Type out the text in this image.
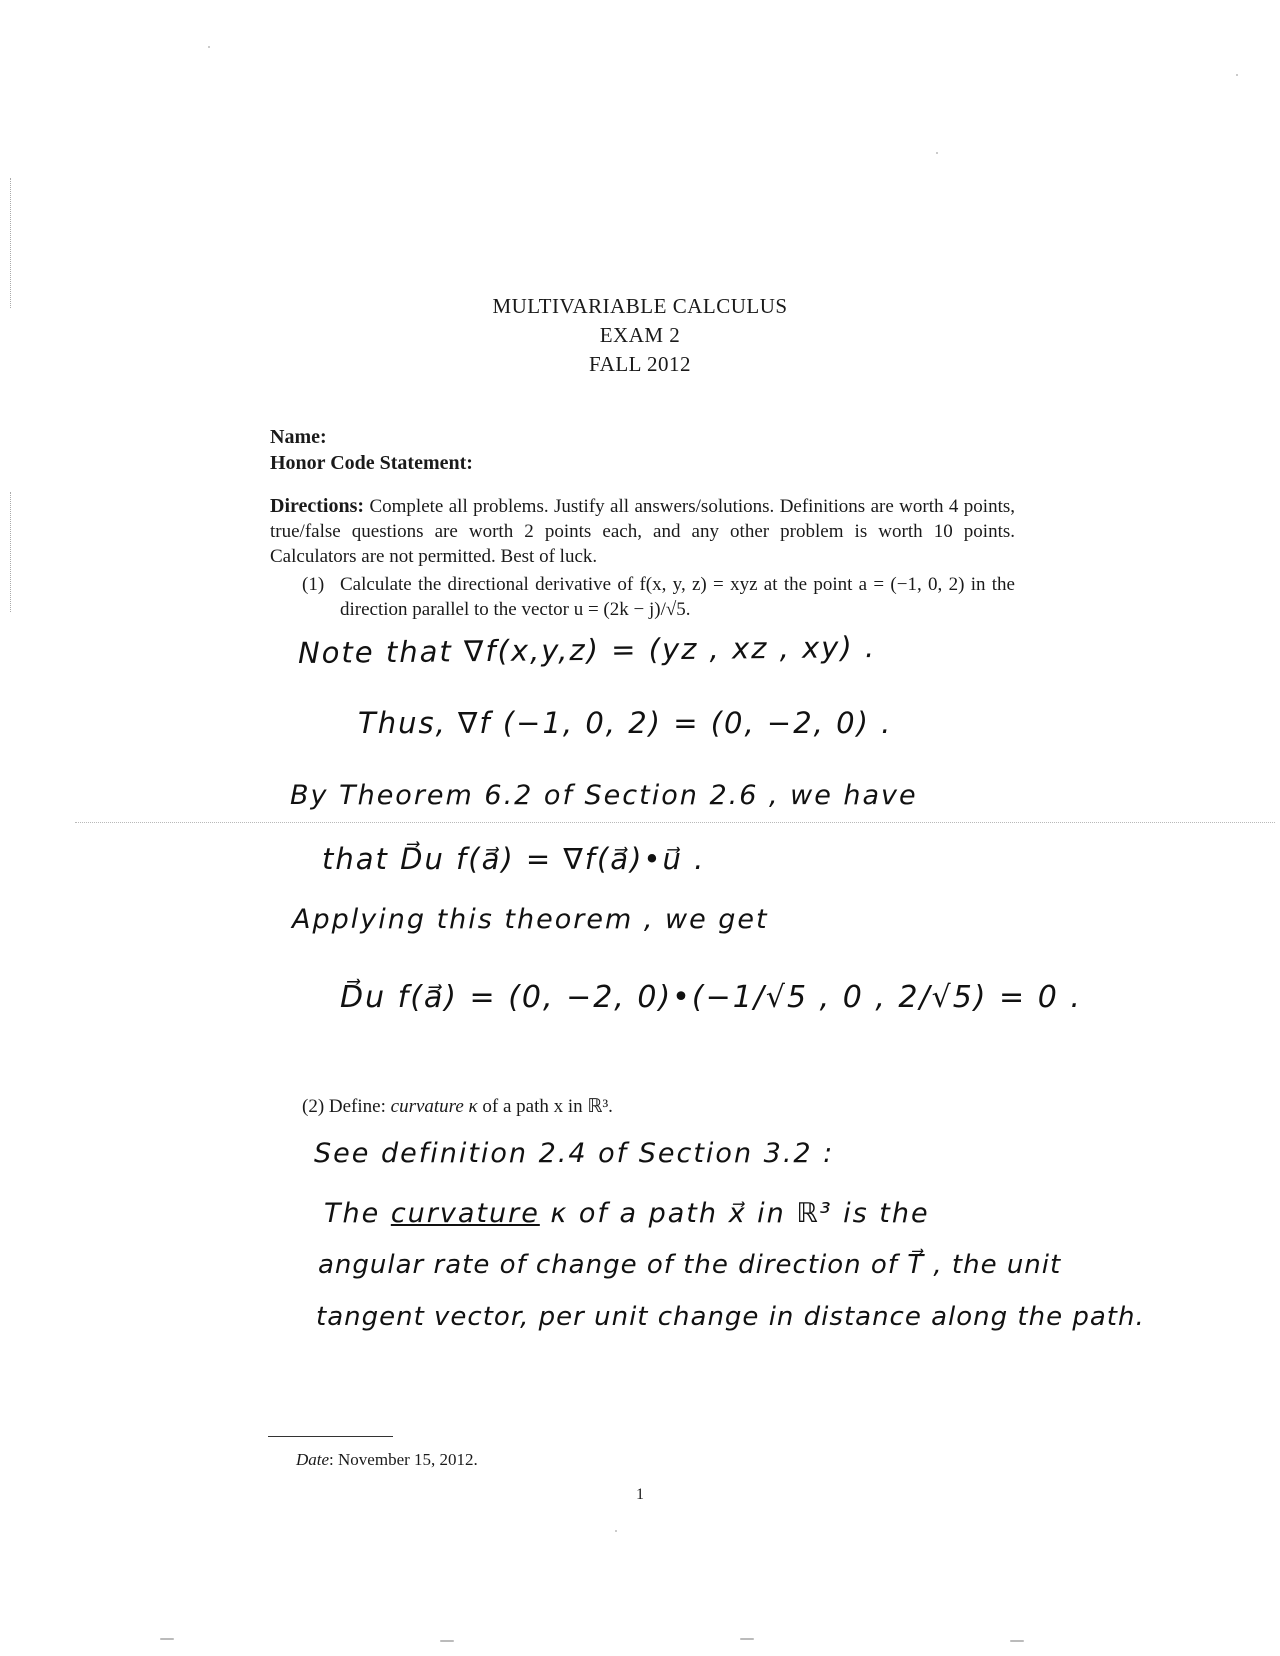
MULTIVARIABLE CALCULUS
EXAM 2
FALL 2012
Name:
Honor Code Statement:
Directions: Complete all problems. Justify all answers/solutions. Definitions are worth 4 points, true/false questions are worth 2 points each, and any other problem is worth 10 points. Calculators are not permitted. Best of luck.
(1) Calculate the directional derivative of f(x, y, z) = xyz at the point a = (−1, 0, 2) in the direction parallel to the vector u = (2k − j)/√5.
Note that ∇f(x,y,z) = (yz , xz , xy) .
Thus, ∇f (−1, 0, 2) = (0, −2, 0) .
By Theorem 6.2 of Section 2.6 , we have
that D⃗u f(a⃗) = ∇f(a⃗)•u⃗ .
Applying this theorem , we get
D⃗u f(a⃗) = (0, −2, 0)•(−1/√5 , 0 , 2/√5) = 0 .
(2) Define: curvature κ of a path x in ℝ³.
See definition 2.4 of Section 3.2 :
The curvature κ of a path x⃗ in ℝ³ is the
angular rate of change of the direction of T⃗ , the unit
tangent vector, per unit change in distance along the path.
Date: November 15, 2012.
1
